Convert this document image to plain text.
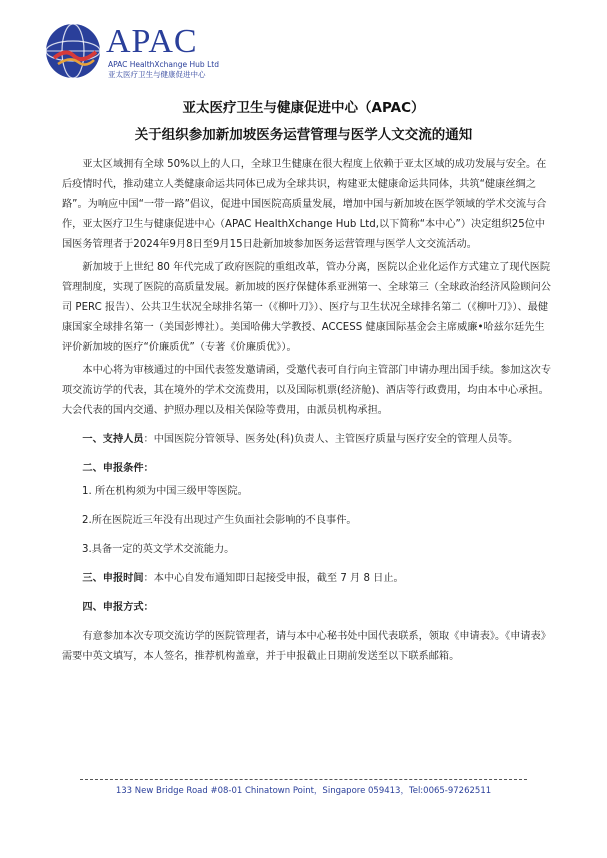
APAC
APAC HealthXchange Hub Ltd
亚太医疗卫生与健康促进中心
亚太医疗卫生与健康促进中心（APAC）
关于组织参加新加坡医务运营管理与医学人文交流的通知

亚太区域拥有全球 50%以上的人口，全球卫生健康在很大程度上依赖于亚太区域的成功发展与安全。在后疫情时代，推动建立人类健康命运共同体已成为全球共识，构建亚太健康命运共同体，共筑“健康丝绸之路”。为响应中国“一带一路”倡议，促进中国医院高质量发展，增加中国与新加坡在医学领域的学术交流与合作，亚太医疗卫生与健康促进中心（APAC HealthXchange Hub Ltd,以下简称“本中心”）决定组织25位中国医务管理者于2024年9月8日至9月15日赴新加坡参加医务运营管理与医学人文交流活动。

新加坡于上世纪 80 年代完成了政府医院的重组改革，管办分离，医院以企业化运作方式建立了现代医院管理制度，实现了医院的高质量发展。新加坡的医疗保健体系亚洲第一、全球第三（全球政治经济风险顾问公司 PERC 报告）、公共卫生状况全球排名第一（《柳叶刀》）、医疗与卫生状况全球排名第二（《柳叶刀》）、最健康国家全球排名第一（美国彭博社）。美国哈佛大学教授、ACCESS 健康国际基金会主席威廉•哈兹尔廷先生评价新加坡的医疗“价廉质优”（专著《价廉质优》）。

本中心将为审核通过的中国代表签发邀请函，受邀代表可自行向主管部门申请办理出国手续。参加这次专项交流访学的代表，其在境外的学术交流费用，以及国际机票(经济舱)、酒店等行政费用，均由本中心承担。大会代表的国内交通、护照办理以及相关保险等费用，由派员机构承担。

一、支持人员：中国医院分管领导、医务处(科)负责人、主管医疗质量与医疗安全的管理人员等。

二、申报条件：

1. 所在机构须为中国三级甲等医院。

2.所在医院近三年没有出现过产生负面社会影响的不良事件。

3.具备一定的英文学术交流能力。

三、申报时间：本中心自发布通知即日起接受申报，截至 7 月 8 日止。

四、申报方式：

有意参加本次专项交流访学的医院管理者，请与本中心秘书处中国代表联系，领取《申请表》。《申请表》需要中英文填写，本人签名，推荐机构盖章，并于申报截止日期前发送至以下联系邮箱。

133 New Bridge Road #08-01 Chinatown Point，Singapore 059413，Tel:0065-97262511
